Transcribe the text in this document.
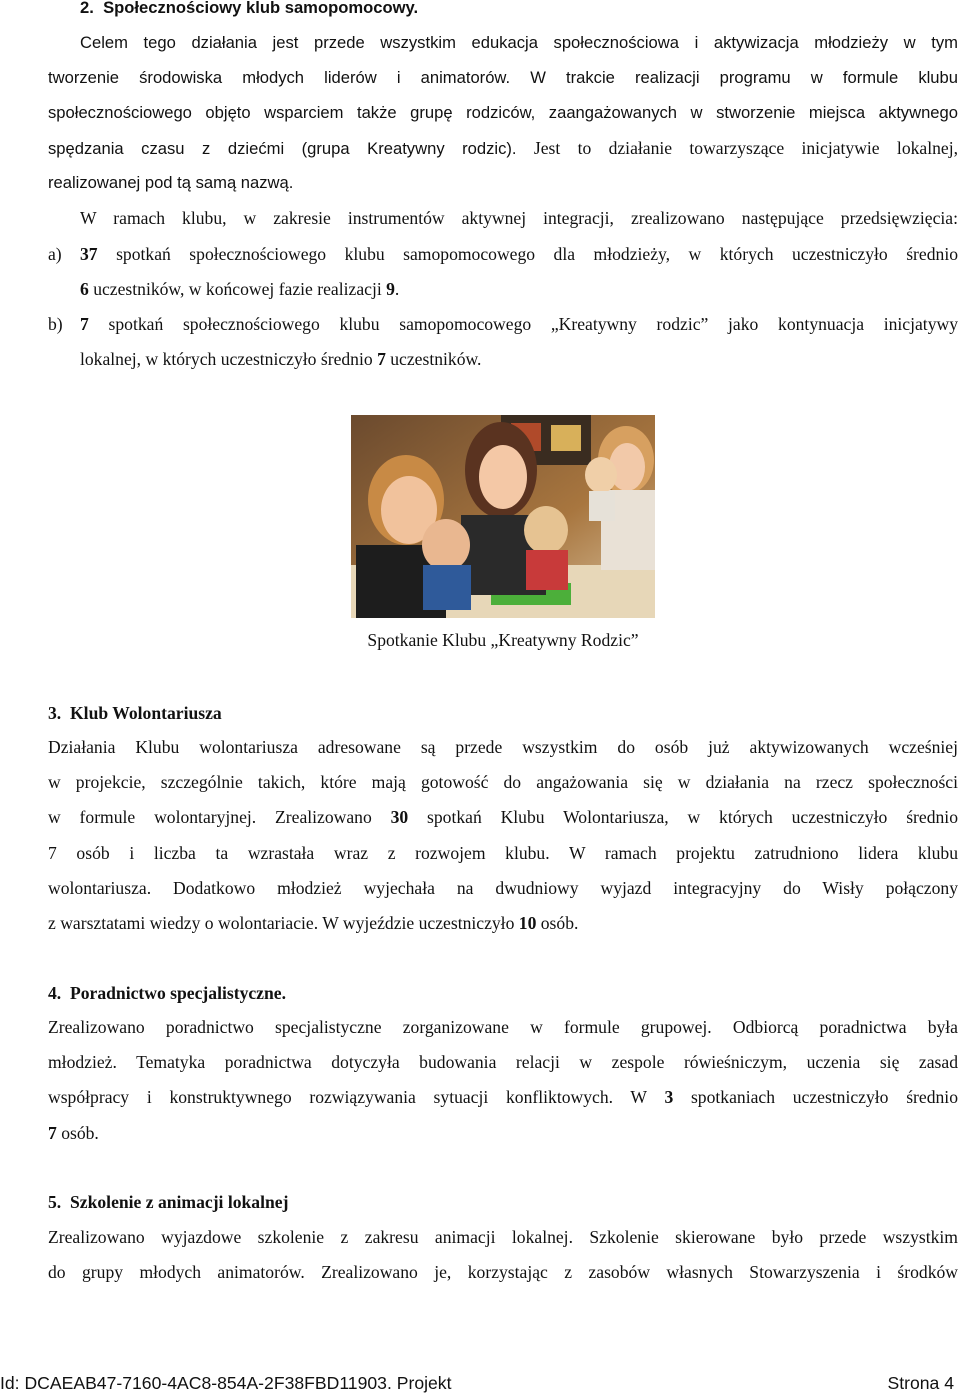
2. Społecznościowy klub samopomocowy.
Celem tego działania jest przede wszystkim edukacja społecznościowa i aktywizacja młodzieży w tym
tworzenie środowiska młodych liderów i animatorów. W trakcie realizacji programu w formule klubu
społecznościowego objęto wsparciem także grupę rodziców, zaangażowanych w stworzenie miejsca aktywnego
spędzania czasu z dziećmi (grupa Kreatywny rodzic). Jest to działanie towarzyszące inicjatywie lokalnej,
realizowanej pod tą samą nazwą.
W ramach klubu, w zakresie instrumentów aktywnej integracji, zrealizowano następujące przedsięwzięcia:
a) 37 spotkań społecznościowego klubu samopomocowego dla młodzieży, w których uczestniczyło średnio
6 uczestników, w końcowej fazie realizacji 9.
b) 7 spotkań społecznościowego klubu samopomocowego „Kreatywny rodzic” jako kontynuacja inicjatywy
lokalnej, w których uczestniczyło średnio 7 uczestników.
Spotkanie Klubu „Kreatywny Rodzic”
3. Klub Wolontariusza
Działania Klubu wolontariusza adresowane są przede wszystkim do osób już aktywizowanych wcześniej
w projekcie, szczególnie takich, które mają gotowość do angażowania się w działania na rzecz społeczności
w formule wolontaryjnej. Zrealizowano 30 spotkań Klubu Wolontariusza, w których uczestniczyło średnio
7 osób i liczba ta wzrastała wraz z rozwojem klubu. W ramach projektu zatrudniono lidera klubu
wolontariusza. Dodatkowo młodzież wyjechała na dwudniowy wyjazd integracyjny do Wisły połączony
z warsztatami wiedzy o wolontariacie. W wyjeździe uczestniczyło 10 osób.
4. Poradnictwo specjalistyczne.
Zrealizowano poradnictwo specjalistyczne zorganizowane w formule grupowej. Odbiorcą poradnictwa była
młodzież. Tematyka poradnictwa dotyczyła budowania relacji w zespole rówieśniczym, uczenia się zasad
współpracy i konstruktywnego rozwiązywania sytuacji konfliktowych. W 3 spotkaniach uczestniczyło średnio
7 osób.
5. Szkolenie z animacji lokalnej
Zrealizowano wyjazdowe szkolenie z zakresu animacji lokalnej. Szkolenie skierowane było przede wszystkim
do grupy młodych animatorów. Zrealizowano je, korzystając z zasobów własnych Stowarzyszenia i środków
Id: DCAEAB47-7160-4AC8-854A-2F38FBD11903. Projekt	Strona 4
